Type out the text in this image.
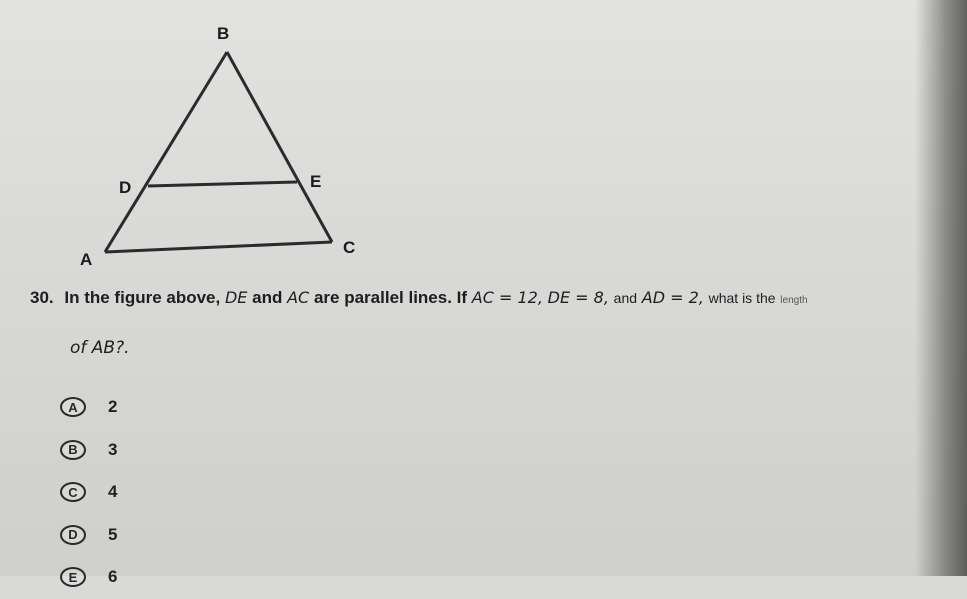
B
D	E
A
C
30. In the figure above, DE and AC are parallel lines. If AC = 12, DE = 8, and AD = 2, what is the length
of AB?.
A	2
B	3
C	4
D	5
E	6
